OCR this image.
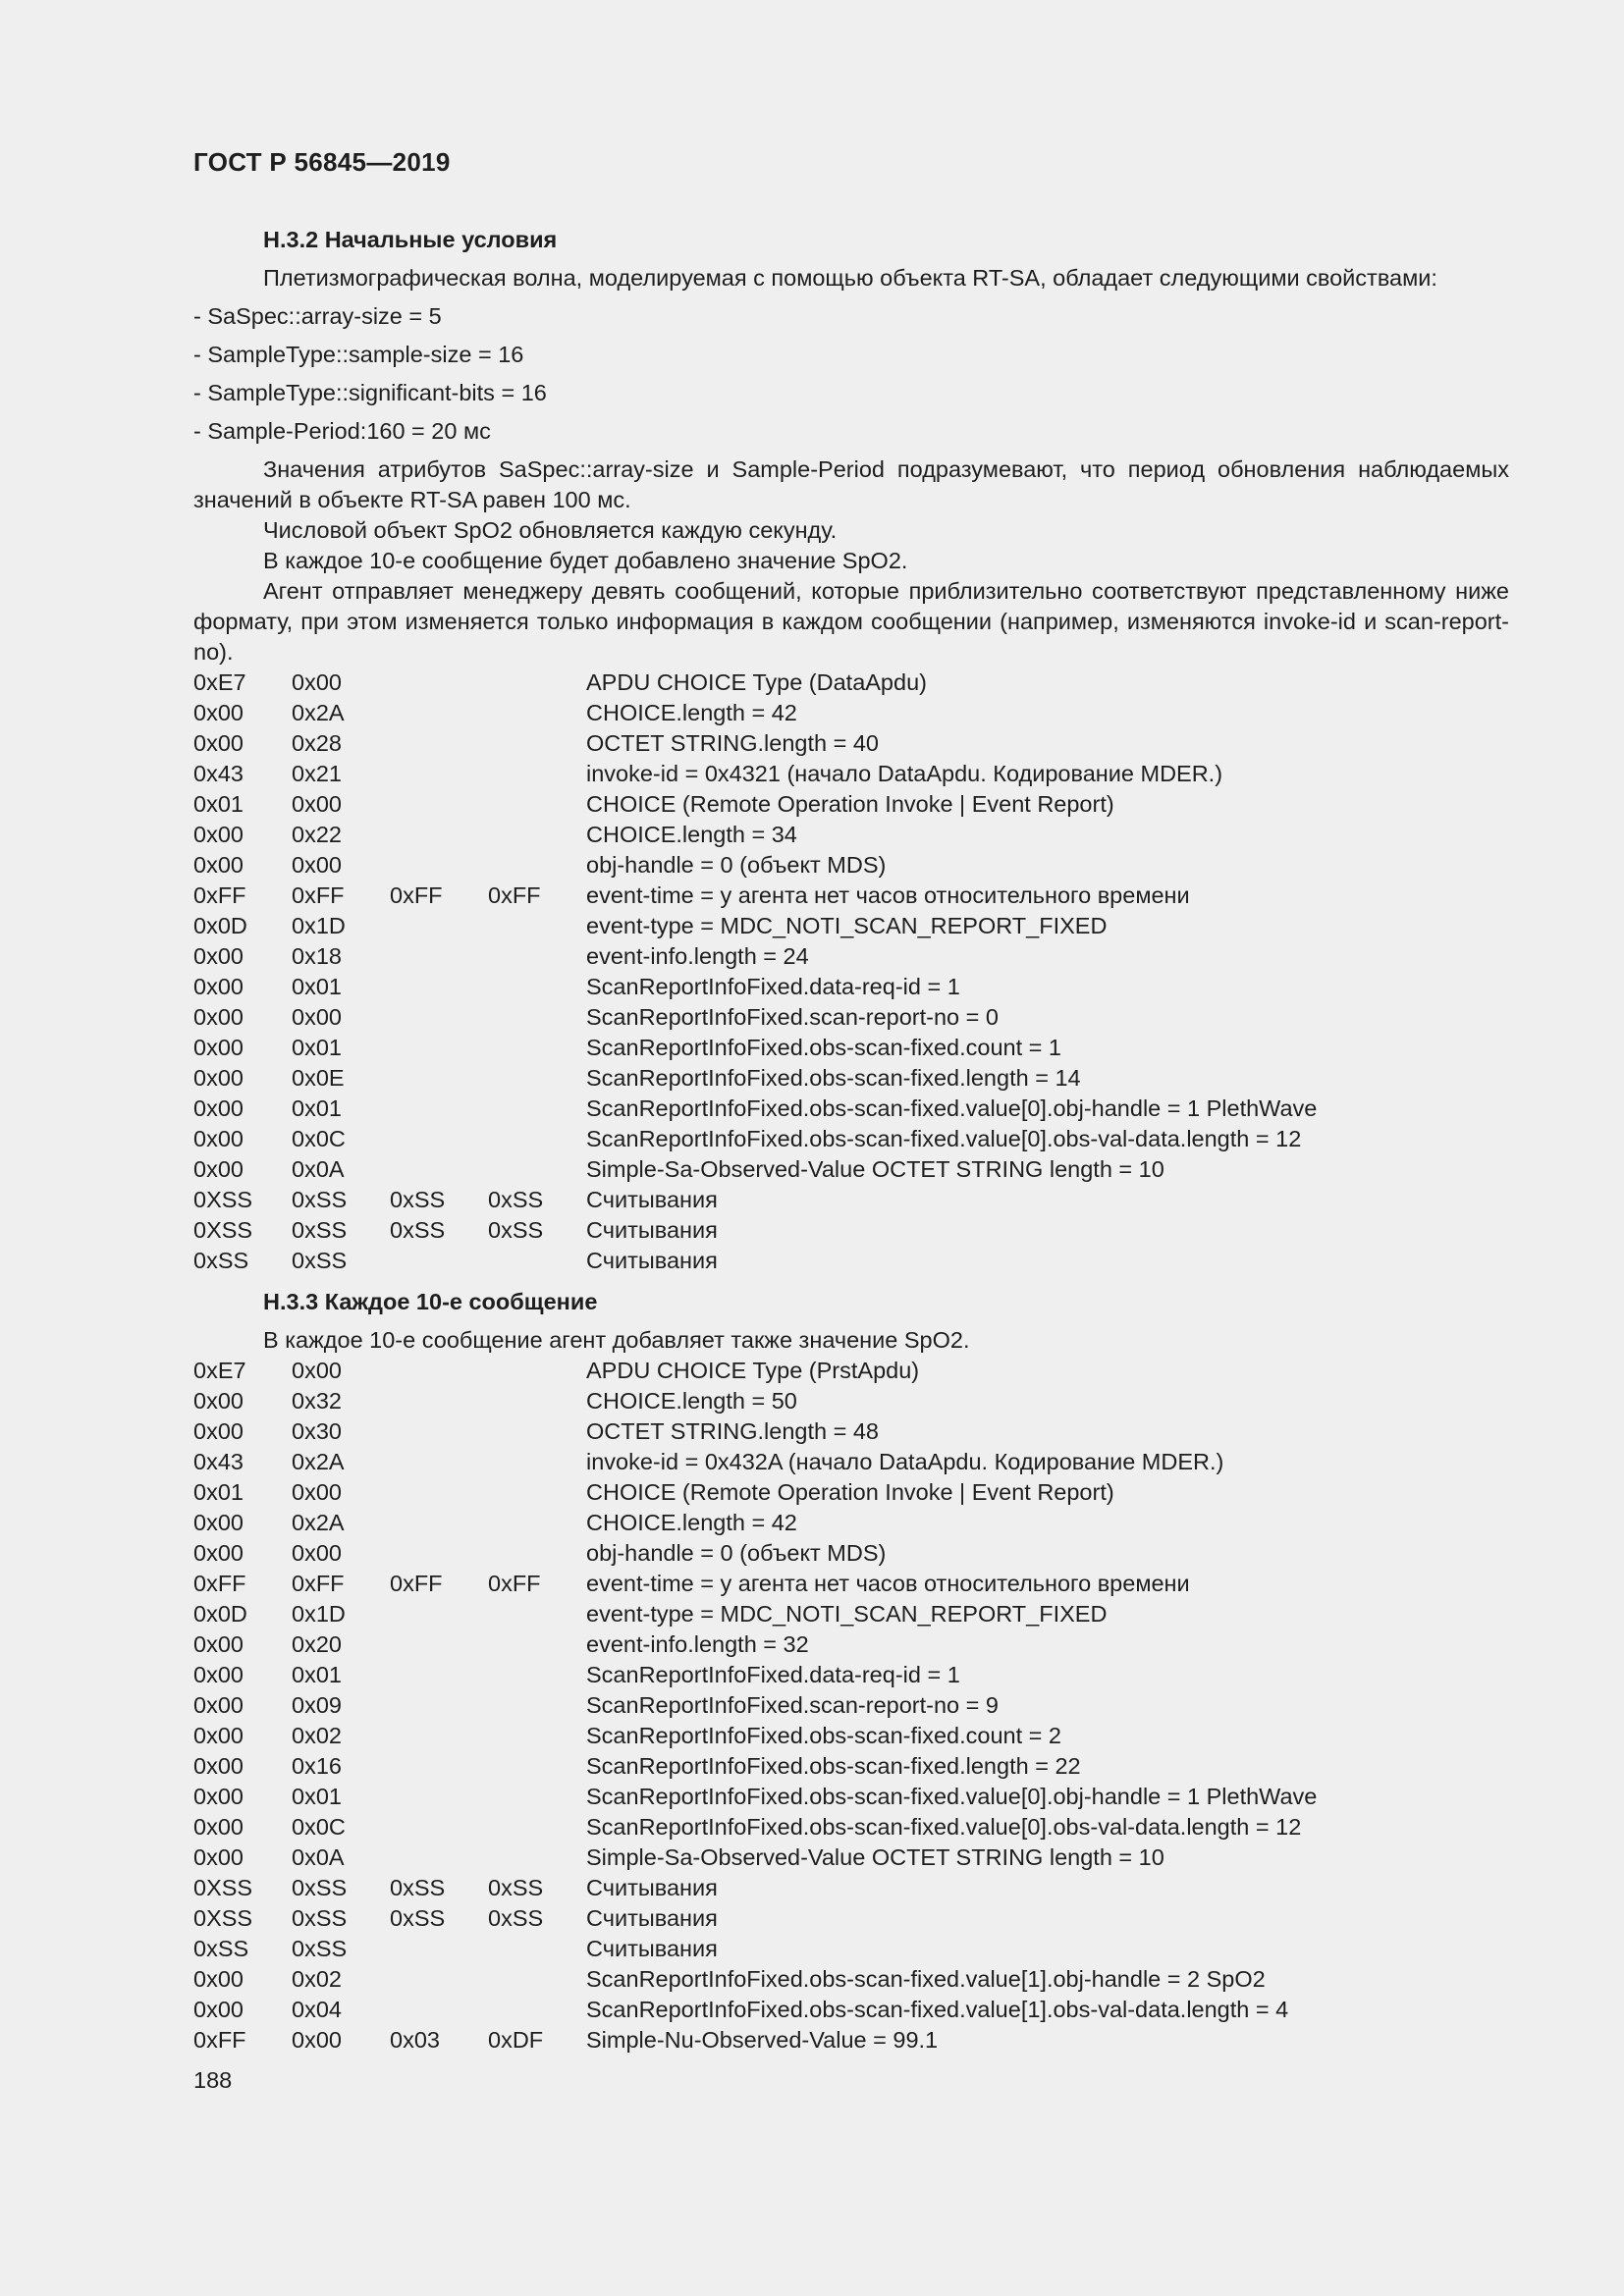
ГОСТ Р 56845—2019

Н.3.2 Начальные условия

Плетизмографическая волна, моделируемая с помощью объекта RT-SA, обладает следующими свойствами:

- SaSpec::array-size = 5

- SampleType::sample-size = 16

- SampleType::significant-bits = 16

- Sample-Period:160 = 20 мс

Значения атрибутов SaSpec::array-size и Sample-Period подразумевают, что период обновления наблюдаемых значений в объекте RT-SA равен 100 мс.

Числовой объект SpO2 обновляется каждую секунду.

В каждое 10-е сообщение будет добавлено значение SpO2.

Агент отправляет менеджеру девять сообщений, которые приблизительно соответствуют представленному ниже формату, при этом изменяется только информация в каждом сообщении (например, изменяются invoke-id и scan-report-no).

0xE7	0x00	APDU CHOICE Type (DataApdu)
0x00	0x2A	CHOICE.length = 42
0x00	0x28	OCTET STRING.length = 40
0x43	0x21	invoke-id = 0x4321 (начало DataApdu. Кодирование MDER.)
0x01	0x00	CHOICE (Remote Operation Invoke | Event Report)
0x00	0x22	CHOICE.length = 34
0x00	0x00	obj-handle = 0 (объект MDS)
0xFF	0xFF	0xFF	0xFF	event-time = у агента нет часов относительного времени
0x0D	0x1D	event-type = MDC_NOTI_SCAN_REPORT_FIXED
0x00	0x18	event-info.length = 24
0x00	0x01	ScanReportInfoFixed.data-req-id = 1
0x00	0x00	ScanReportInfoFixed.scan-report-no = 0
0x00	0x01	ScanReportInfoFixed.obs-scan-fixed.count = 1
0x00	0x0E	ScanReportInfoFixed.obs-scan-fixed.length = 14
0x00	0x01	ScanReportInfoFixed.obs-scan-fixed.value[0].obj-handle = 1 PlethWave
0x00	0x0C	ScanReportInfoFixed.obs-scan-fixed.value[0].obs-val-data.length = 12
0x00	0x0A	Simple-Sa-Observed-Value OCTET STRING length = 10
0XSS	0xSS	0xSS	0xSS	Считывания
0XSS	0xSS	0xSS	0xSS	Считывания
0xSS	0xSS	Считывания

Н.3.3 Каждое 10-е сообщение

В каждое 10-е сообщение агент добавляет также значение SpO2.

0xE7	0x00	APDU CHOICE Type (PrstApdu)
0x00	0x32	CHOICE.length = 50
0x00	0x30	OCTET STRING.length = 48
0x43	0x2A	invoke-id = 0x432A (начало DataApdu. Кодирование MDER.)
0x01	0x00	CHOICE (Remote Operation Invoke | Event Report)
0x00	0x2A	CHOICE.length = 42
0x00	0x00	obj-handle = 0 (объект MDS)
0xFF	0xFF	0xFF	0xFF	event-time = у агента нет часов относительного времени
0x0D	0x1D	event-type = MDC_NOTI_SCAN_REPORT_FIXED
0x00	0x20	event-info.length = 32
0x00	0x01	ScanReportInfoFixed.data-req-id = 1
0x00	0x09	ScanReportInfoFixed.scan-report-no = 9
0x00	0x02	ScanReportInfoFixed.obs-scan-fixed.count = 2
0x00	0x16	ScanReportInfoFixed.obs-scan-fixed.length = 22
0x00	0x01	ScanReportInfoFixed.obs-scan-fixed.value[0].obj-handle = 1 PlethWave
0x00	0x0C	ScanReportInfoFixed.obs-scan-fixed.value[0].obs-val-data.length = 12
0x00	0x0A	Simple-Sa-Observed-Value OCTET STRING length = 10
0XSS	0xSS	0xSS	0xSS	Считывания
0XSS	0xSS	0xSS	0xSS	Считывания
0xSS	0xSS	Считывания
0x00	0x02	ScanReportInfoFixed.obs-scan-fixed.value[1].obj-handle = 2 SpO2
0x00	0x04	ScanReportInfoFixed.obs-scan-fixed.value[1].obs-val-data.length = 4
0xFF	0x00	0x03	0xDF	Simple-Nu-Observed-Value = 99.1
188
